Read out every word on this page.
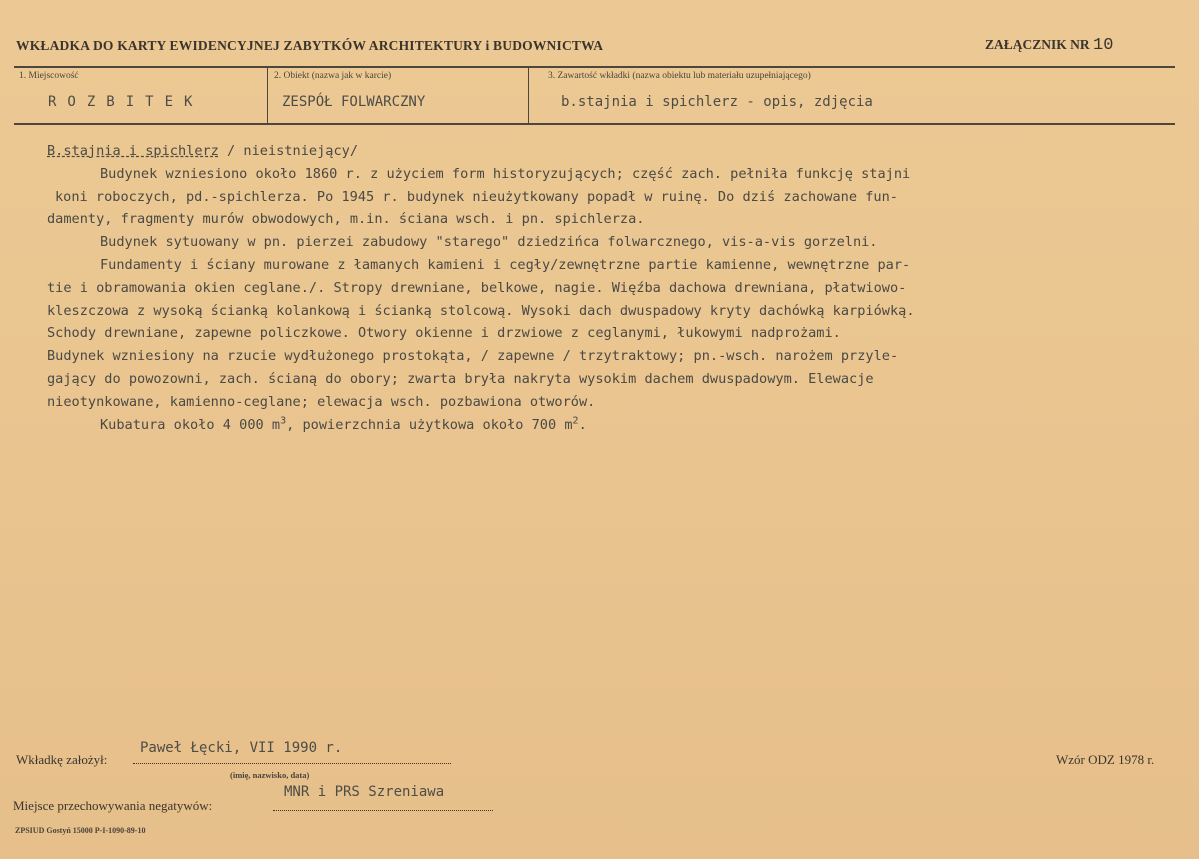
WKŁADKA DO KARTY EWIDENCYJNEJ ZABYTKÓW ARCHITEKTURY i BUDOWNICTWA	ZAŁĄCZNIK NR 10
1. Miejscowość
ROZBITEK
2. Obiekt (nazwa jak w karcie)
ZESPÓŁ FOLWARCZNY
3. Zawartość wkładki (nazwa obiektu lub materiału uzupełniającego)
b.stajnia i spichlerz - opis, zdjęcia
B.stajnia i spichlerz / nieistniejący/
Budynek wzniesiono około 1860 r. z użyciem form historyzujących; część zach. pełniła funkcję stajni
koni roboczych, pd.-spichlerza. Po 1945 r. budynek nieużytkowany popadł w ruinę. Do dziś zachowane fun-
damenty, fragmenty murów obwodowych, m.in. ściana wsch. i pn. spichlerza.
Budynek sytuowany w pn. pierzei zabudowy "starego" dziedzińca folwarcznego, vis-a-vis gorzelni.
Fundamenty i ściany murowane z łamanych kamieni i cegły/zewnętrzne partie kamienne, wewnętrzne par-
tie i obramowania okien ceglane./. Stropy drewniane, belkowe, nagie. Więźba dachowa drewniana, płatwiowo-
kleszczowa z wysoką ścianką kolankową i ścianką stolcową. Wysoki dach dwuspadowy kryty dachówką karpiówką.
Schody drewniane, zapewne policzkowe. Otwory okienne i drzwiowe z ceglanymi, łukowymi nadprożami.
Budynek wzniesiony na rzucie wydłużonego prostokąta, / zapewne / trzytraktowy; pn.-wsch. narożem przyle-
gający do powozowni, zach. ścianą do obory; zwarta bryła nakryta wysokim dachem dwuspadowym. Elewacje
nieotynkowane, kamienno-ceglane; elewacja wsch. pozbawiona otworów.
Kubatura około 4 000 $m^3$, powierzchnia użytkowa około 700 $m^2$.
Wkładkę założył:
Paweł Łęcki, VII 1990 r.
(imię, nazwisko, data)
Miejsce przechowywania negatywów:
MNR i PRS Szreniawa
Wzór ODZ 1978 r.
ZPSIUD Gostyń 15000 P-I-1090-89-10
